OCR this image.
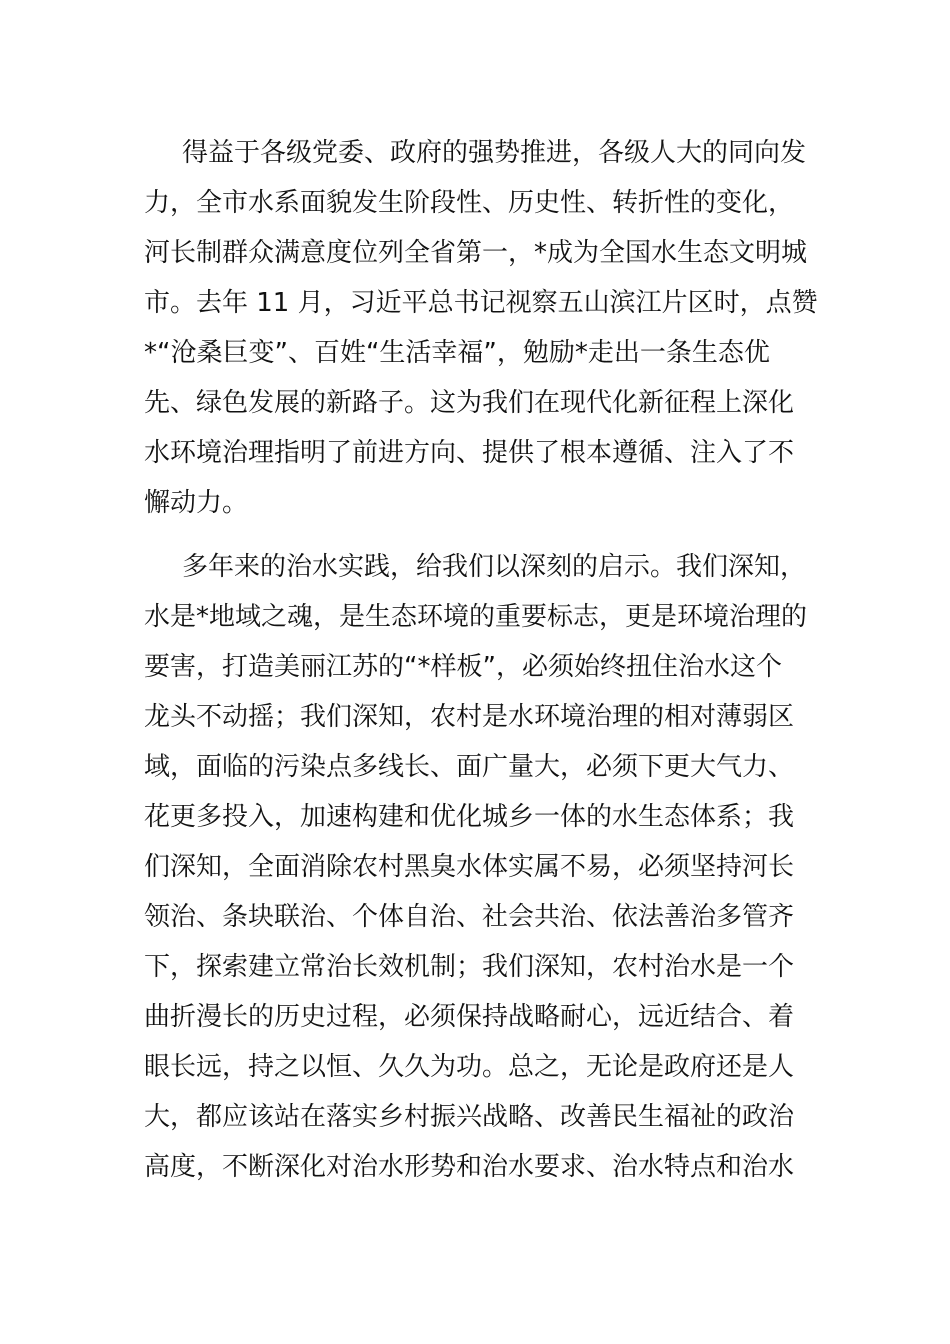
得益于各级党委、政府的强势推进，各级人大的同向发
力，全市水系面貌发生阶段性、历史性、转折性的变化，
河长制群众满意度位列全省第一，*成为全国水生态文明城
市。去年 11 月，习近平总书记视察五山滨江片区时，点赞
*“沧桑巨变”、百姓“生活幸福”，勉励*走出一条生态优
先、绿色发展的新路子。这为我们在现代化新征程上深化
水环境治理指明了前进方向、提供了根本遵循、注入了不
懈动力。
多年来的治水实践，给我们以深刻的启示。我们深知，
水是*地域之魂，是生态环境的重要标志，更是环境治理的
要害，打造美丽江苏的“*样板”，必须始终扭住治水这个
龙头不动摇；我们深知，农村是水环境治理的相对薄弱区
域，面临的污染点多线长、面广量大，必须下更大气力、
花更多投入，加速构建和优化城乡一体的水生态体系；我
们深知，全面消除农村黑臭水体实属不易，必须坚持河长
领治、条块联治、个体自治、社会共治、依法善治多管齐
下，探索建立常治长效机制；我们深知，农村治水是一个
曲折漫长的历史过程，必须保持战略耐心，远近结合、着
眼长远，持之以恒、久久为功。总之，无论是政府还是人
大，都应该站在落实乡村振兴战略、改善民生福祉的政治
高度，不断深化对治水形势和治水要求、治水特点和治水
